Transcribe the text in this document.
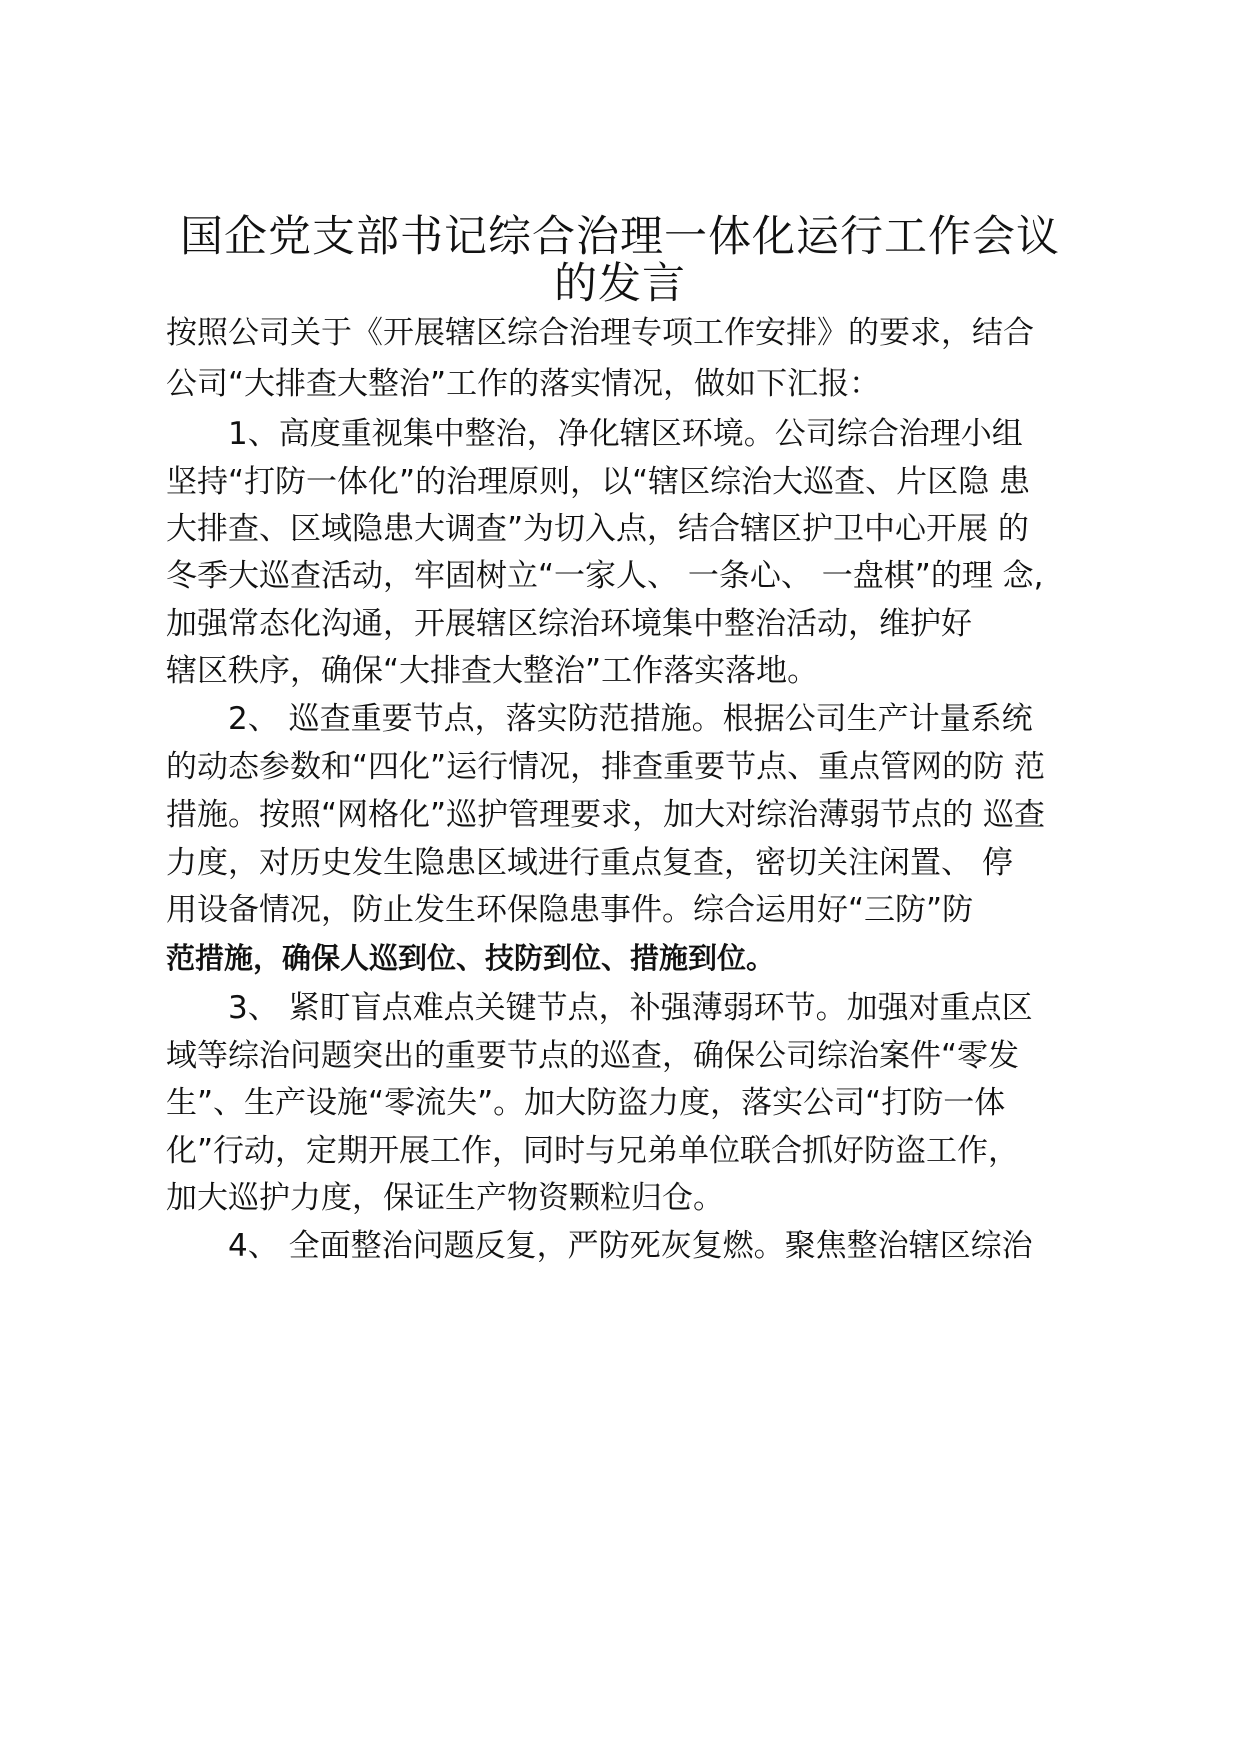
国企党支部书记综合治理一体化运行工作会议
的发言
按照公司关于《开展辖区综合治理专项工作安排》的要求，结合
公司“大排查大整治”工作的落实情况，做如下汇报：
1、高度重视集中整治，净化辖区环境。公司综合治理小组
坚持“打防一体化”的治理原则，以“辖区综治大巡查、片区隐 患
大排查、区域隐患大调查”为切入点，结合辖区护卫中心开展 的
冬季大巡查活动，牢固树立“一家人、 一条心、 一盘棋”的理 念,
加强常态化沟通，开展辖区综治环境集中整治活动，维护好
辖区秩序，确保“大排查大整治”工作落实落地。
2、 巡查重要节点，落实防范措施。根据公司生产计量系统
的动态参数和“四化”运行情况，排查重要节点、重点管网的防 范
措施。按照“网格化”巡护管理要求，加大对综治薄弱节点的 巡查
力度，对历史发生隐患区域进行重点复查，密切关注闲置、 停
用设备情况，防止发生环保隐患事件。综合运用好“三防”防
范措施，确保人巡到位、技防到位、措施到位。
3、 紧盯盲点难点关键节点，补强薄弱环节。加强对重点区
域等综治问题突出的重要节点的巡查，确保公司综治案件“零发
生”、生产设施“零流失”。加大防盗力度，落实公司“打防一体
化”行动，定期开展工作，同时与兄弟单位联合抓好防盗工作，
加大巡护力度，保证生产物资颗粒归仓。
4、 全面整治问题反复，严防死灰复燃。聚焦整治辖区综治
